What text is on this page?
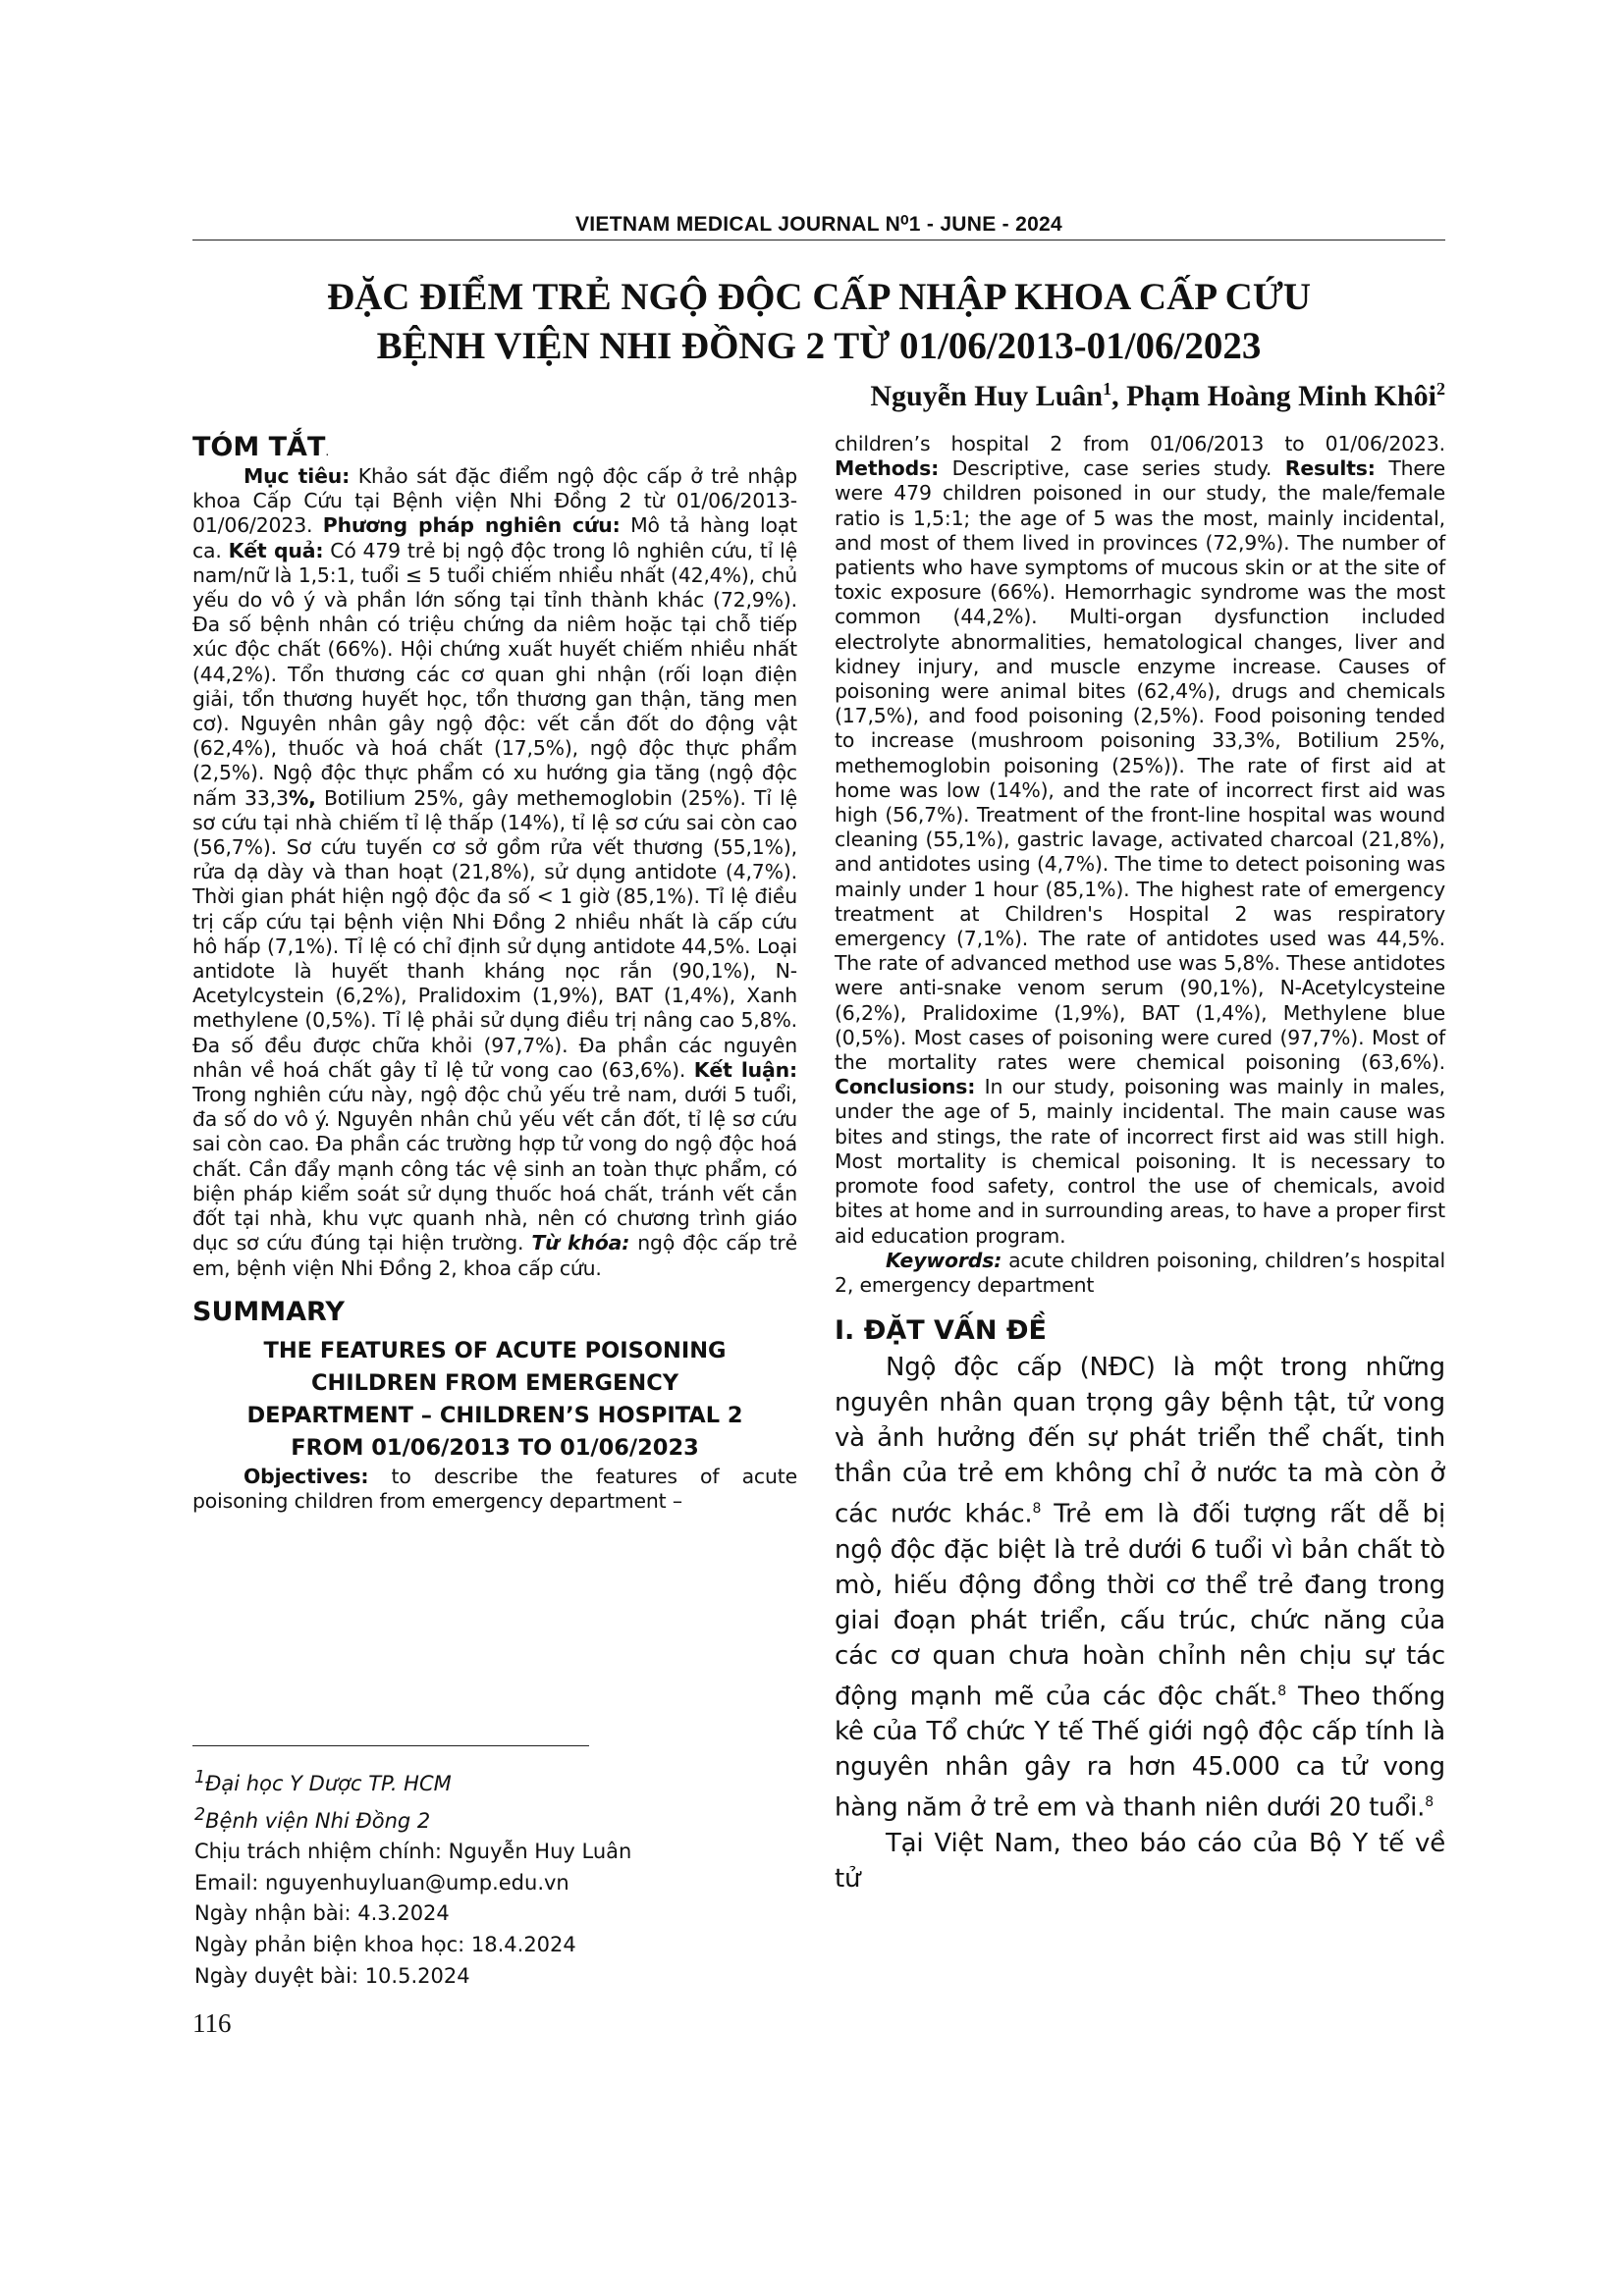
VIETNAM MEDICAL JOURNAL N⁰1 - JUNE - 2024
ĐẶC ĐIỂM TRẺ NGỘ ĐỘC CẤP NHẬP KHOA CẤP CỨU
BỆNH VIỆN NHI ĐỒNG 2 TỪ 01/06/2013-01/06/2023
Nguyễn Huy Luân$^1$, Phạm Hoàng Minh Khôi$^2$
TÓM TẮT.

Mục tiêu: Khảo sát đặc điểm ngộ độc cấp ở trẻ nhập khoa Cấp Cứu tại Bệnh viện Nhi Đồng 2 từ 01/06/2013-01/06/2023. Phương pháp nghiên cứu: Mô tả hàng loạt ca. Kết quả: Có 479 trẻ bị ngộ độc trong lô nghiên cứu, tỉ lệ nam/nữ là 1,5:1, tuổi ≤ 5 tuổi chiếm nhiều nhất (42,4%), chủ yếu do vô ý và phần lớn sống tại tỉnh thành khác (72,9%). Đa số bệnh nhân có triệu chứng da niêm hoặc tại chỗ tiếp xúc độc chất (66%). Hội chứng xuất huyết chiếm nhiều nhất (44,2%). Tổn thương các cơ quan ghi nhận (rối loạn điện giải, tổn thương huyết học, tổn thương gan thận, tăng men cơ). Nguyên nhân gây ngộ độc: vết cắn đốt do động vật (62,4%), thuốc và hoá chất (17,5%), ngộ độc thực phẩm (2,5%). Ngộ độc thực phẩm có xu hướng gia tăng (ngộ độc nấm 33,3%, Botilium 25%, gây methemoglobin (25%). Tỉ lệ sơ cứu tại nhà chiếm tỉ lệ thấp (14%), tỉ lệ sơ cứu sai còn cao (56,7%). Sơ cứu tuyến cơ sở gồm rửa vết thương (55,1%), rửa dạ dày và than hoạt (21,8%), sử dụng antidote (4,7%). Thời gian phát hiện ngộ độc đa số < 1 giờ (85,1%). Tỉ lệ điều trị cấp cứu tại bệnh viện Nhi Đồng 2 nhiều nhất là cấp cứu hô hấp (7,1%). Tỉ lệ có chỉ định sử dụng antidote 44,5%. Loại antidote là huyết thanh kháng nọc rắn (90,1%), N-Acetylcystein (6,2%), Pralidoxim (1,9%), BAT (1,4%), Xanh methylene (0,5%). Tỉ lệ phải sử dụng điều trị nâng cao 5,8%. Đa số đều được chữa khỏi (97,7%). Đa phần các nguyên nhân về hoá chất gây tỉ lệ tử vong cao (63,6%). Kết luận: Trong nghiên cứu này, ngộ độc chủ yếu trẻ nam, dưới 5 tuổi, đa số do vô ý. Nguyên nhân chủ yếu vết cắn đốt, tỉ lệ sơ cứu sai còn cao. Đa phần các trường hợp tử vong do ngộ độc hoá chất. Cần đẩy mạnh công tác vệ sinh an toàn thực phẩm, có biện pháp kiểm soát sử dụng thuốc hoá chất, tránh vết cắn đốt tại nhà, khu vực quanh nhà, nên có chương trình giáo dục sơ cứu đúng tại hiện trường. Từ khóa: ngộ độc cấp trẻ em, bệnh viện Nhi Đồng 2, khoa cấp cứu.

SUMMARY

THE FEATURES OF ACUTE POISONING

CHILDREN FROM EMERGENCY

DEPARTMENT – CHILDREN’S HOSPITAL 2

FROM 01/06/2013 TO 01/06/2023

Objectives: to describe the features of acute poisoning children from emergency department –

children’s hospital 2 from 01/06/2013 to 01/06/2023. Methods: Descriptive, case series study. Results: There were 479 children poisoned in our study, the male/female ratio is 1,5:1; the age of 5 was the most, mainly incidental, and most of them lived in provinces (72,9%). The number of patients who have symptoms of mucous skin or at the site of toxic exposure (66%). Hemorrhagic syndrome was the most common (44,2%). Multi-organ dysfunction included electrolyte abnormalities, hematological changes, liver and kidney injury, and muscle enzyme increase. Causes of poisoning were animal bites (62,4%), drugs and chemicals (17,5%), and food poisoning (2,5%). Food poisoning tended to increase (mushroom poisoning 33,3%, Botilium 25%, methemoglobin poisoning (25%)). The rate of first aid at home was low (14%), and the rate of incorrect first aid was high (56,7%). Treatment of the front-line hospital was wound cleaning (55,1%), gastric lavage, activated charcoal (21,8%), and antidotes using (4,7%). The time to detect poisoning was mainly under 1 hour (85,1%). The highest rate of emergency treatment at Children's Hospital 2 was respiratory emergency (7,1%). The rate of antidotes used was 44,5%. The rate of advanced method use was 5,8%. These antidotes were anti-snake venom serum (90,1%), N-Acetylcysteine (6,2%), Pralidoxime (1,9%), BAT (1,4%), Methylene blue (0,5%). Most cases of poisoning were cured (97,7%). Most of the mortality rates were chemical poisoning (63,6%). Conclusions: In our study, poisoning was mainly in males, under the age of 5, mainly incidental. The main cause was bites and stings, the rate of incorrect first aid was still high. Most mortality is chemical poisoning. It is necessary to promote food safety, control the use of chemicals, avoid bites at home and in surrounding areas, to have a proper first aid education program.

Keywords: acute children poisoning, children’s hospital 2, emergency department

I. ĐẶT VẤN ĐỀ

Ngộ độc cấp (NĐC) là một trong những nguyên nhân quan trọng gây bệnh tật, tử vong và ảnh hưởng đến sự phát triển thể chất, tinh thần của trẻ em không chỉ ở nước ta mà còn ở các nước khác.$^8$ Trẻ em là đối tượng rất dễ bị ngộ độc đặc biệt là trẻ dưới 6 tuổi vì bản chất tò mò, hiếu động đồng thời cơ thể trẻ đang trong giai đoạn phát triển, cấu trúc, chức năng của các cơ quan chưa hoàn chỉnh nên chịu sự tác động mạnh mẽ của các độc chất.$^8$ Theo thống kê của Tổ chức Y tế Thế giới ngộ độc cấp tính là nguyên nhân gây ra hơn 45.000 ca tử vong hàng năm ở trẻ em và thanh niên dưới 20 tuổi.$^8$

Tại Việt Nam, theo báo cáo của Bộ Y tế về tử

$^1$Đại học Y Dược TP. HCM
$^2$Bệnh viện Nhi Đồng 2
Chịu trách nhiệm chính: Nguyễn Huy Luân
Email: nguyenhuyluan@ump.edu.vn
Ngày nhận bài: 4.3.2024
Ngày phản biện khoa học: 18.4.2024
Ngày duyệt bài: 10.5.2024
116
